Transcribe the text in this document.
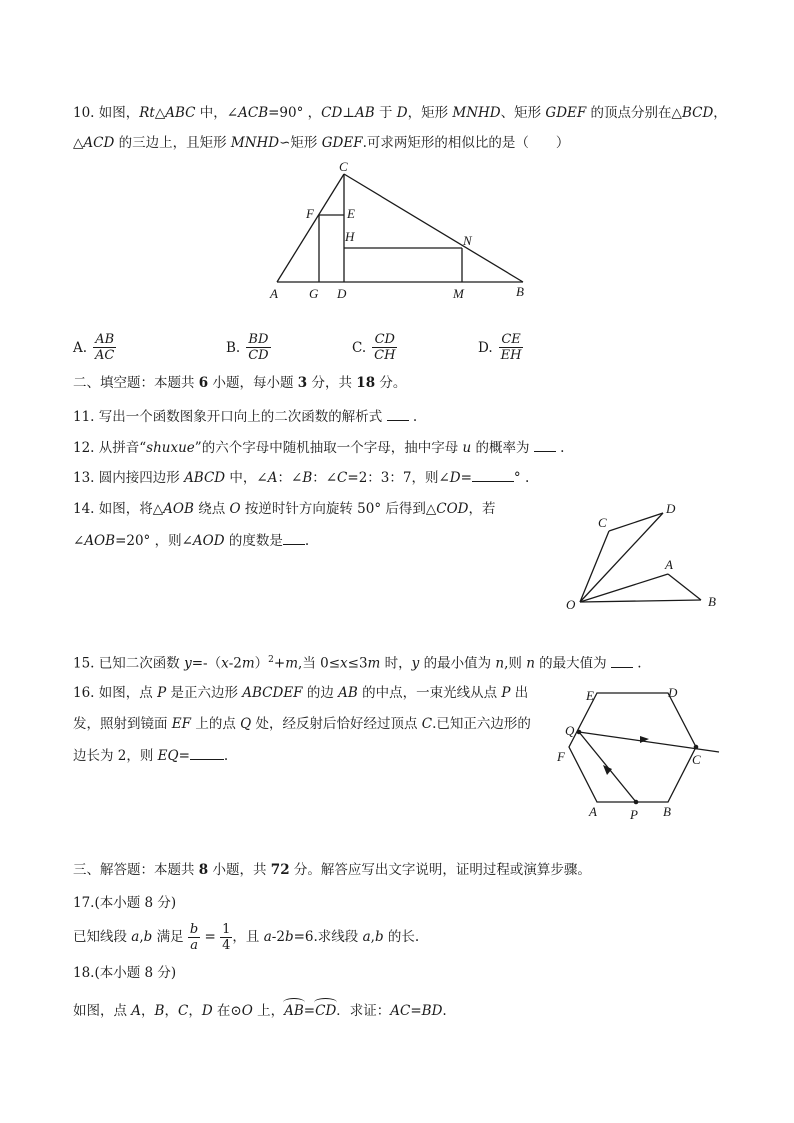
10. 如图，Rt△ABC 中，∠ACB=90° ，CD⊥AB 于 D，矩形 MNHD、矩形 GDEF 的顶点分别在△BCD，
△ACD 的三边上，且矩形 MNHD∽矩形 GDEF.可求两矩形的相似比的是（　　）
C
F	E
H	N
A G D	M	B
A. $\frac{AB}{AC}$	B. $\frac{BD}{CD}$	C. $\frac{CD}{CH}$	D. $\frac{CE}{EH}$
二、填空题：本题共 6 小题，每小题 3 分，共 18 分。
11. 写出一个函数图象开口向上的二次函数的解析式  .
12. 从拼音“shuxue”的六个字母中随机抽取一个字母，抽中字母 u 的概率为  .
13. 圆内接四边形 ABCD 中，∠A：∠B：∠C=2：3：7，则∠D=	° .
14. 如图，将△AOB 绕点 O 按逆时针方向旋转 50° 后得到△COD，若
∠AOB=20° ，则∠AOD 的度数是 .
C
D
A
B
O
15. 已知二次函数 $y=-(x-2m)^2+m$,当 0≤x≤3m 时，y 的最小值为 n,则 n 的最大值为  .
16. 如图，点 P 是正六边形 ABCDEF 的边 AB 的中点，一束光线从点 P 出
发，照射到镜面 EF 上的点 Q 处，经反射后恰好经过顶点 C.已知正六边形的
边长为 2，则 EQ=	.
E	D
Q
F	C
A	P B
三、解答题：本题共 8 小题，共 72 分。解答应写出文字说明，证明过程或演算步骤。
17.(本小题 8 分)
已知线段 a,b 满足 $\frac{b}{a} = \frac{1}{4}$ ，且 a-2b=6.求线段 a,b 的长.
18.(本小题 8 分)
如图，点 A，B，C，D 在⊙O 上，AB=CD．求证：AC=BD.
